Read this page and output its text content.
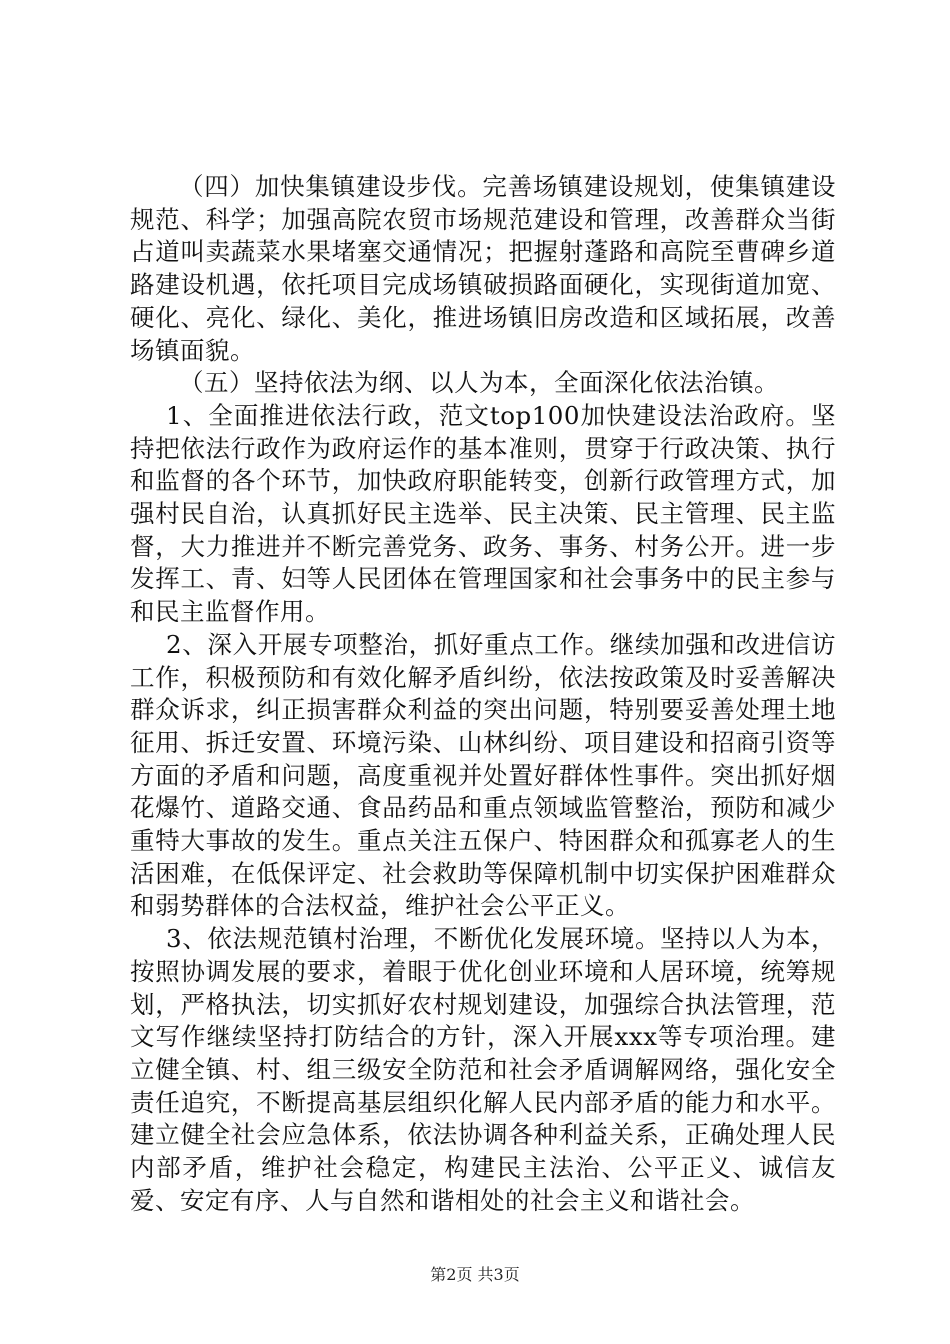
（四）加快集镇建设步伐。完善场镇建设规划，使集镇建设规范、科学；加强高院农贸市场规范建设和管理，改善群众当街占道叫卖蔬菜水果堵塞交通情况；把握射蓬路和高院至曹碑乡道路建设机遇，依托项目完成场镇破损路面硬化，实现街道加宽、硬化、亮化、绿化、美化，推进场镇旧房改造和区域拓展，改善场镇面貌。

（五）坚持依法为纲、以人为本，全面深化依法治镇。

1、全面推进依法行政，范文top100加快建设法治政府。坚持把依法行政作为政府运作的基本准则，贯穿于行政决策、执行和监督的各个环节，加快政府职能转变，创新行政管理方式，加强村民自治，认真抓好民主选举、民主决策、民主管理、民主监督，大力推进并不断完善党务、政务、事务、村务公开。进一步发挥工、青、妇等人民团体在管理国家和社会事务中的民主参与和民主监督作用。

2、深入开展专项整治，抓好重点工作。继续加强和改进信访工作，积极预防和有效化解矛盾纠纷，依法按政策及时妥善解决群众诉求，纠正损害群众利益的突出问题，特别要妥善处理土地征用、拆迁安置、环境污染、山林纠纷、项目建设和招商引资等方面的矛盾和问题，高度重视并处置好群体性事件。突出抓好烟花爆竹、道路交通、食品药品和重点领域监管整治，预防和减少重特大事故的发生。重点关注五保户、特困群众和孤寡老人的生活困难，在低保评定、社会救助等保障机制中切实保护困难群众和弱势群体的合法权益，维护社会公平正义。

3、依法规范镇村治理，不断优化发展环境。坚持以人为本，按照协调发展的要求，着眼于优化创业环境和人居环境，统筹规划，严格执法，切实抓好农村规划建设，加强综合执法管理，范文写作继续坚持打防结合的方针，深入开展xxx等专项治理。建立健全镇、村、组三级安全防范和社会矛盾调解网络，强化安全责任追究，不断提高基层组织化解人民内部矛盾的能力和水平。建立健全社会应急体系，依法协调各种利益关系，正确处理人民内部矛盾，维护社会稳定，构建民主法治、公平正义、诚信友爱、安定有序、人与自然和谐相处的社会主义和谐社会。

第2页 共3页
